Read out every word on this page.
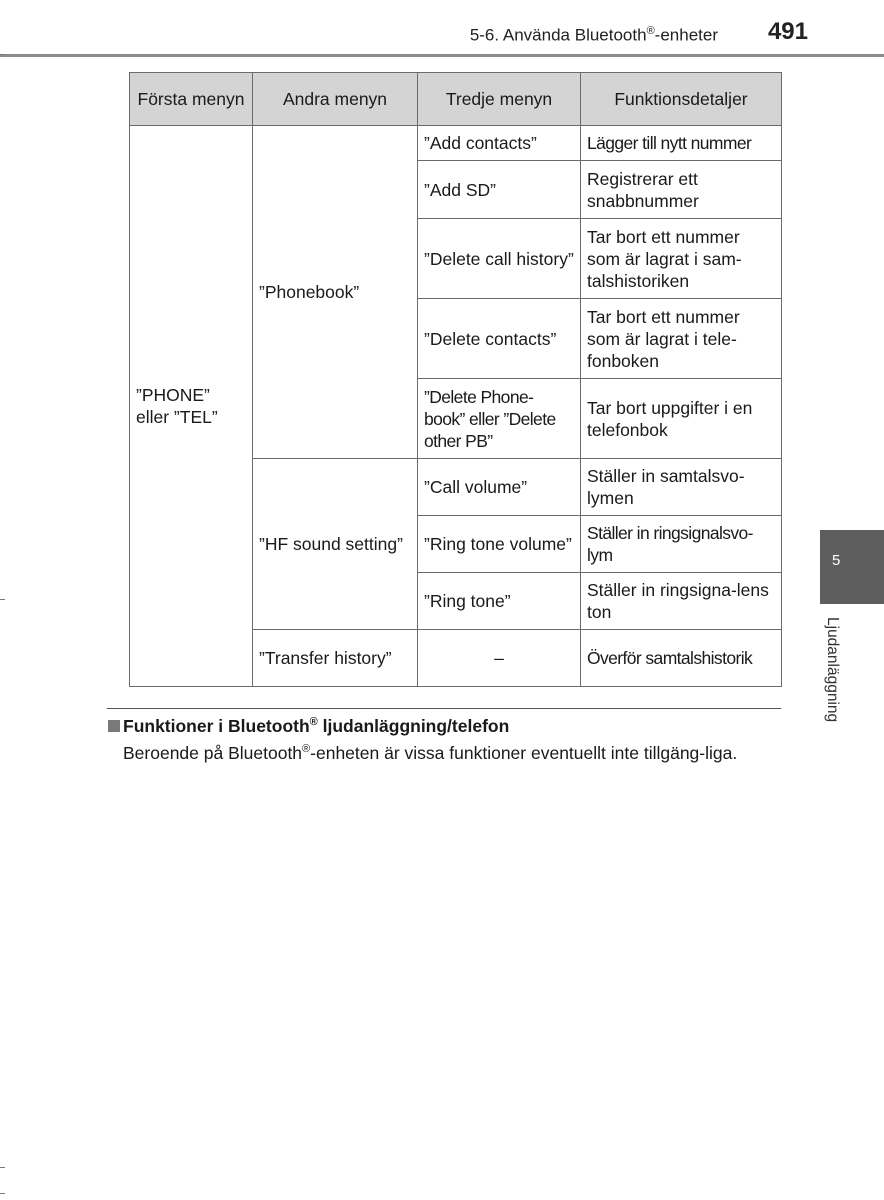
5-6. Använda Bluetooth®-enheter 491
Första menyn	Andra menyn	Tredje menyn	Funktionsdetaljer
”PHONE” eller ”TEL”	”Phonebook”	”Add contacts”	Lägger till nytt nummer
		”Add SD”	Registrerar ett snabbnummer
		”Delete call history”	Tar bort ett nummer som är lagrat i sam-talshistoriken
		”Delete contacts”	Tar bort ett nummer som är lagrat i tele-fonboken
		”Delete Phone-book” eller ”Delete other PB”	Tar bort uppgifter i en telefonbok
	”HF sound setting”	”Call volume”	Ställer in samtalsvo-lymen
		”Ring tone volume”	Ställer in ringsignalsvo-lym
		”Ring tone”	Ställer in ringsigna-lens ton
	”Transfer history”	–	Överför samtalshistorik
Funktioner i Bluetooth® ljudanläggning/telefon
Beroende på Bluetooth®-enheten är vissa funktioner eventuellt inte tillgäng-liga.
5
Ljudanläggning
